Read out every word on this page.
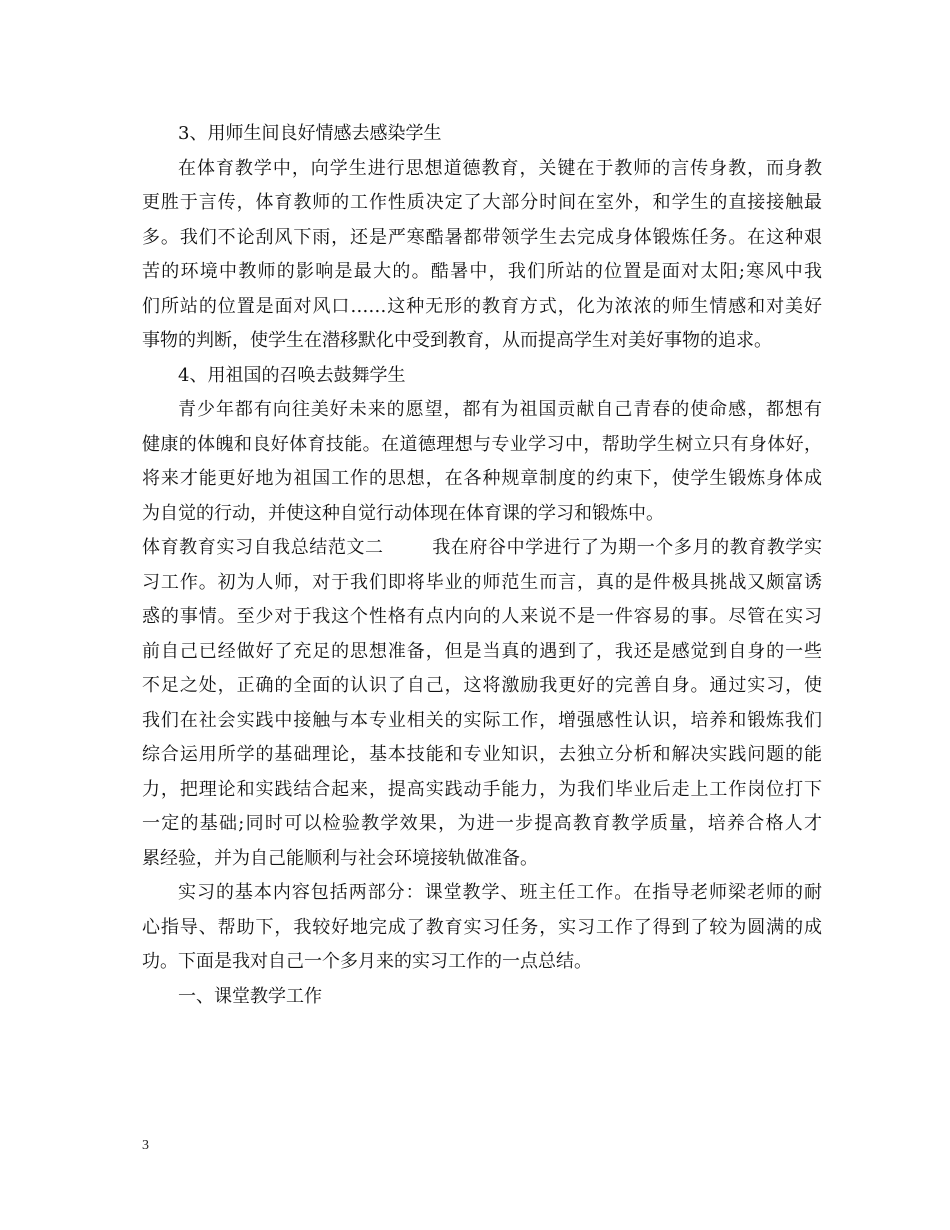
3、用师生间良好情感去感染学生
在体育教学中，向学生进行思想道德教育，关键在于教师的言传身教，而身教
更胜于言传，体育教师的工作性质决定了大部分时间在室外，和学生的直接接触最
多。我们不论刮风下雨，还是严寒酷暑都带领学生去完成身体锻炼任务。在这种艰
苦的环境中教师的影响是最大的。酷暑中，我们所站的位置是面对太阳;寒风中我
们所站的位置是面对风口……这种无形的教育方式，化为浓浓的师生情感和对美好
事物的判断，使学生在潜移默化中受到教育，从而提高学生对美好事物的追求。
4、用祖国的召唤去鼓舞学生
青少年都有向往美好未来的愿望，都有为祖国贡献自己青春的使命感，都想有
健康的体魄和良好体育技能。在道德理想与专业学习中，帮助学生树立只有身体好，
将来才能更好地为祖国工作的思想，在各种规章制度的约束下，使学生锻炼身体成
为自觉的行动，并使这种自觉行动体现在体育课的学习和锻炼中。
体育教育实习自我总结范文二	我在府谷中学进行了为期一个多月的教育教学实
习工作。初为人师，对于我们即将毕业的师范生而言，真的是件极具挑战又颇富诱
惑的事情。至少对于我这个性格有点内向的人来说不是一件容易的事。尽管在实习
前自己已经做好了充足的思想准备，但是当真的遇到了，我还是感觉到自身的一些
不足之处，正确的全面的认识了自己，这将激励我更好的完善自身。通过实习，使
我们在社会实践中接触与本专业相关的实际工作，增强感性认识，培养和锻炼我们
综合运用所学的基础理论，基本技能和专业知识，去独立分析和解决实践问题的能
力，把理论和实践结合起来，提高实践动手能力，为我们毕业后走上工作岗位打下
一定的基础;同时可以检验教学效果，为进一步提高教育教学质量，培养合格人才
累经验，并为自己能顺利与社会环境接轨做准备。
实习的基本内容包括两部分：课堂教学、班主任工作。在指导老师梁老师的耐
心指导、帮助下，我较好地完成了教育实习任务，实习工作了得到了较为圆满的成
功。下面是我对自己一个多月来的实习工作的一点总结。
一、课堂教学工作
3
